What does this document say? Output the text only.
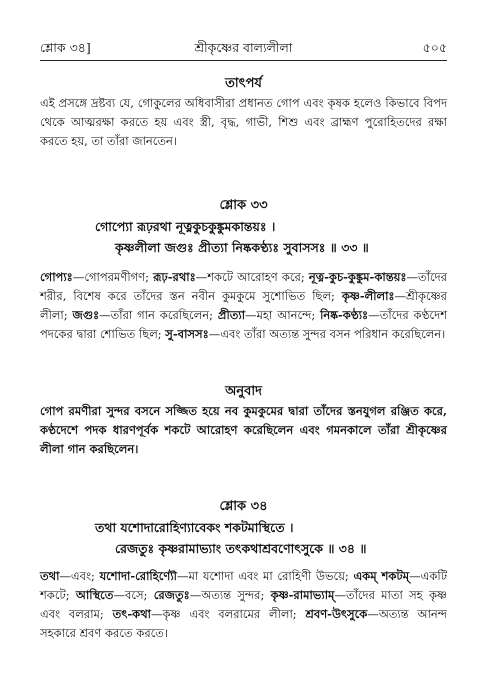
শ্লোক ৩৪]	শ্রীকৃষ্ণের বাল্যলীলা	৫০৫
তাৎপর্য

এই প্রসঙ্গে দ্রষ্টব্য যে, গোকুলের অধিবাসীরা প্রধানত গোপ এবং কৃষক হলেও কিভাবে বিপদ থেকে আত্মরক্ষা করতে হয় এবং স্ত্রী, বৃদ্ধ, গাভী, শিশু এবং ব্রাহ্মণ পুরোহিতদের রক্ষা করতে হয়, তা তাঁরা জানতেন।

শ্লোক ৩৩
গোপ্যো রূঢ়রথা নূত্নকুচকুঙ্কুমকান্তয়ঃ ।
কৃষ্ণলীলা জগুঃ প্রীত্যা নিষ্ককণ্ঠ্যঃ সুবাসসঃ ॥ ৩৩ ॥

গোপ্যঃ—গোপরমণীগণ; রূঢ়-রথাঃ—শকটে আরোহণ করে; নূত্ন-কুচ-কুঙ্কুম-কান্তয়ঃ—তাঁদের শরীর, বিশেষ করে তাঁদের স্তন নবীন কুমকুমে সুশোভিত ছিল; কৃষ্ণ-লীলাঃ—শ্রীকৃষ্ণের লীলা; জগুঃ—তাঁরা গান করেছিলেন; প্রীত্যা—মহা আনন্দে; নিষ্ক-কণ্ঠ্যঃ—তাঁদের কণ্ঠদেশ পদকের দ্বারা শোভিত ছিল; সু-বাসসঃ—এবং তাঁরা অত্যন্ত সুন্দর বসন পরিধান করেছিলেন।

অনুবাদ

গোপ রমণীরা সুন্দর বসনে সজ্জিত হয়ে নব কুমকুমের দ্বারা তাঁদের স্তনযুগল রঞ্জিত করে, কণ্ঠদেশে পদক ধারণপূর্বক শকটে আরোহণ করেছিলেন এবং গমনকালে তাঁরা শ্রীকৃষ্ণের লীলা গান করছিলেন।

শ্লোক ৩৪
তথা যশোদারোহিণ্যাবেকং শকটমাস্থিতে ।
রেজতুঃ কৃষ্ণরামাভ্যাং তৎকথাশ্রবণোৎসুকে ॥ ৩৪ ॥

তথা—এবং; যশোদা-রোহিণ্যৌ—মা যশোদা এবং মা রোহিণী উভয়ে; একম্ শকটম্—একটি শকটে; আস্থিতে—বসে; রেজতুঃ—অত্যন্ত সুন্দর; কৃষ্ণ-রামাভ্যাম্—তাঁদের মাতা সহ কৃষ্ণ এবং বলরাম; তৎ-কথা—কৃষ্ণ এবং বলরামের লীলা; শ্রবণ-উৎসুকে—অত্যন্ত আনন্দ সহকারে শ্রবণ করতে করতে।
